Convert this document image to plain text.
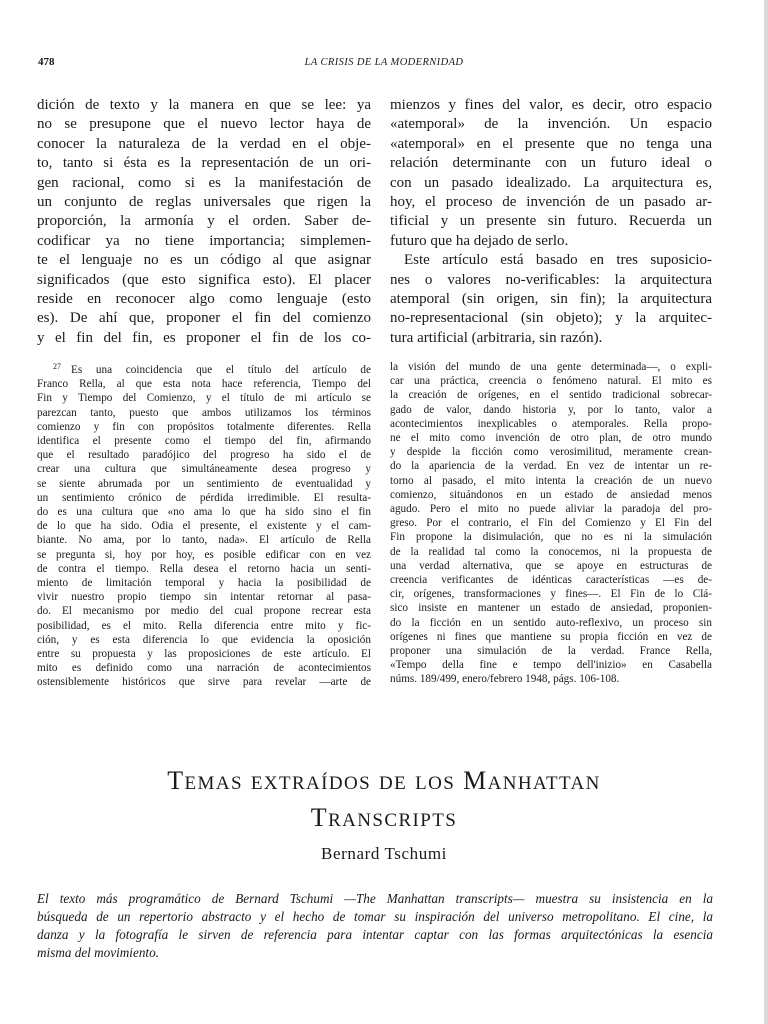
478	LA CRISIS DE LA MODERNIDAD
dición de texto y la manera en que se lee: ya
no se presupone que el nuevo lector haya de
conocer la naturaleza de la verdad en el obje-
to, tanto si ésta es la representación de un ori-
gen racional, como si es la manifestación de
un conjunto de reglas universales que rigen la
proporción, la armonía y el orden. Saber de-
codificar ya no tiene importancia; simplemen-
te el lenguaje no es un código al que asignar
significados (que esto significa esto). El placer
reside en reconocer algo como lenguaje (esto
es). De ahí que, proponer el fin del comienzo
y el fin del fin, es proponer el fin de los co-
mienzos y fines del valor, es decir, otro espacio
«atemporal» de la invención. Un espacio
«atemporal» en el presente que no tenga una
relación determinante con un futuro ideal o
con un pasado idealizado. La arquitectura es,
hoy, el proceso de invención de un pasado ar-
tificial y un presente sin futuro. Recuerda un
futuro que ha dejado de serlo.
Este artículo está basado en tres suposicio-
nes o valores no-verificables: la arquitectura
atemporal (sin origen, sin fin); la arquitectura
no-representacional (sin objeto); y la arquitec-
tura artificial (arbitraria, sin razón).
$^{27}$ Es una coincidencia que el título del artículo de
Franco Rella, al que esta nota hace referencia, Tiempo del
Fin y Tiempo del Comienzo, y el título de mi artículo se
parezcan tanto, puesto que ambos utilizamos los términos
comienzo y fin con propósitos totalmente diferentes. Rella
identifica el presente como el tiempo del fin, afirmando
que el resultado paradójico del progreso ha sido el de
crear una cultura que simultáneamente desea progreso y
se siente abrumada por un sentimiento de eventualidad y
un sentimiento crónico de pérdida irredimible. El resulta-
do es una cultura que «no ama lo que ha sido sino el fin
de lo que ha sido. Odia el presente, el existente y el cam-
biante. No ama, por lo tanto, nada». El artículo de Rella
se pregunta si, hoy por hoy, es posible edificar con en vez
de contra el tiempo. Rella desea el retorno hacia un senti-
miento de limitación temporal y hacia la posibilidad de
vivir nuestro propio tiempo sin intentar retornar al pasa-
do. El mecanismo por medio del cual propone recrear esta
posibilidad, es el mito. Rella diferencia entre mito y fic-
ción, y es esta diferencia lo que evidencia la oposición
entre su propuesta y las proposiciones de este artículo. El
mito es definido como una narración de acontecimientos
ostensiblemente históricos que sirve para revelar —arte de
la visión del mundo de una gente determinada—, o expli-
car una práctica, creencia o fenómeno natural. El mito es
la creación de orígenes, en el sentido tradicional sobrecar-
gado de valor, dando historia y, por lo tanto, valor a
acontecimientos inexplicables o atemporales. Rella propo-
ne el mito como invención de otro plan, de otro mundo
y despide la ficción como verosimilitud, meramente crean-
do la apariencia de la verdad. En vez de intentar un re-
torno al pasado, el mito intenta la creación de un nuevo
comienzo, situándonos en un estado de ansiedad menos
agudo. Pero el mito no puede aliviar la paradoja del pro-
greso. Por el contrario, el Fin del Comienzo y El Fin del
Fin propone la disimulación, que no es ni la simulación
de la realidad tal como la conocemos, ni la propuesta de
una verdad alternativa, que se apoye en estructuras de
creencia verificantes de idénticas características —es de-
cir, orígenes, transformaciones y fines—. El Fin de lo Clá-
sico insiste en mantener un estado de ansiedad, proponien-
do la ficción en un sentido auto-reflexivo, un proceso sin
orígenes ni fines que mantiene su propia ficción en vez de
proponer una simulación de la verdad. France Rella,
«Tempo della fine e tempo dell'inizio» en Casabella
núms. 189/499, enero/febrero 1948, págs. 106-108.
TEMAS EXTRAÍDOS DE LOS MANHATTAN
TRANSCRIPTS
Bernard Tschumi
El texto más programático de Bernard Tschumi —The Manhattan transcripts— muestra su insistencia en la
búsqueda de un repertorio abstracto y el hecho de tomar su inspiración del universo metropolitano. El cine, la
danza y la fotografía le sirven de referencia para intentar captar con las formas arquitectónicas la esencia
misma del movimiento.
